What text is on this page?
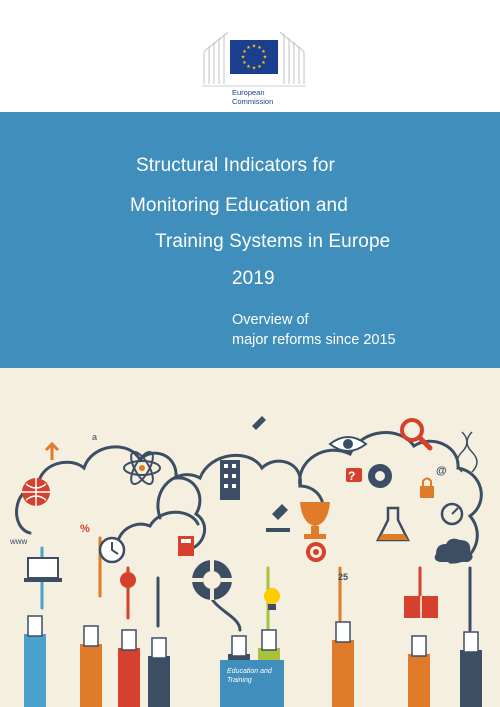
★ ★
★
★
★
★
★
★
★
★
★
★
European
Commission
Structural Indicators for
Monitoring Education and
Training Systems in Europe
2019
Overview of
major reforms since 2015
www
25
?
%
@
a
Education and
Training
